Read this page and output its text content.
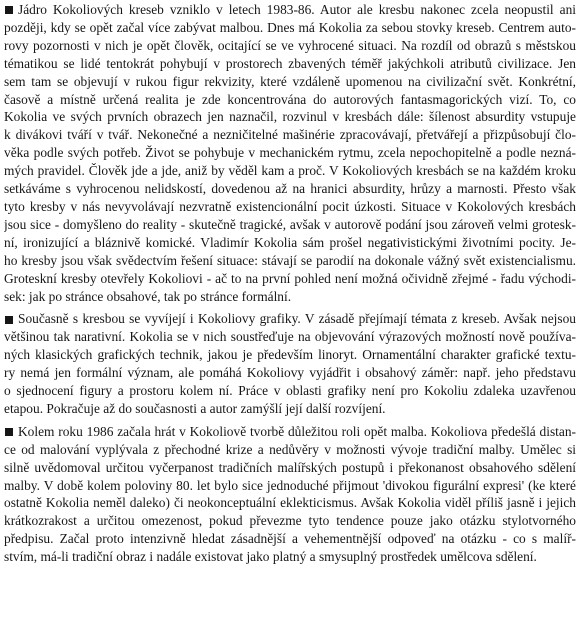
Jádro Kokoliových kreseb vzniklo v letech 1983-86. Autor ale kresbu nakonec zcela neopustil ani
později, kdy se opět začal více zabývat malbou. Dnes má Kokolia za sebou stovky kreseb. Centrem auto-
rovy pozornosti v nich je opět člověk, ocitající se ve vyhrocené situaci. Na rozdíl od obrazů s městskou
tématikou se lidé tentokrát pohybují v prostorech zbavených téměř jakýchkoli atributů civilizace. Jen
sem tam se objevují v rukou figur rekvizity, které vzdáleně upomenou na civilizační svět. Konkrétní,
časově a místně určená realita je zde koncentrována do autorových fantasmagorických vizí. To, co
Kokolia ve svých prvních obrazech jen naznačil, rozvinul v kresbách dále: šílenost absurdity vstupuje
k divákovi tváří v tvář. Nekonečné a nezničitelné mašinérie zpracovávají, přetvářejí a přizpůsobují člo-
věka podle svých potřeb. Život se pohybuje v mechanickém rytmu, zcela nepochopitelně a podle nezná-
mých pravidel. Člověk jde a jde, aniž by věděl kam a proč. V Kokoliových kresbách se na každém kroku
setkáváme s vyhrocenou nelidskostí, dovedenou až na hranici absurdity, hrůzy a marnosti. Přesto však
tyto kresby v nás nevyvolávají nezvratně existencionální pocit úzkosti. Situace v Kokolových kresbách
jsou sice - domyšleno do reality - skutečně tragické, avšak v autorově podání jsou zároveň velmi grotesk-
ní, ironizující a bláznivě komické. Vladimír Kokolia sám prošel negativistickými životními pocity. Je-
ho kresby jsou však svědectvím řešení situace: stávají se parodií na dokonale vážný svět existencialismu.
Groteskní kresby otevřely Kokoliovi - ač to na první pohled není možná očividně zřejmé - řadu východi-
sek: jak po stránce obsahové, tak po stránce formální.

Současně s kresbou se vyvíjejí i Kokoliovy grafiky. V zásadě přejímají témata z kreseb. Avšak nejsou
většinou tak narativní. Kokolia se v nich soustřeďuje na objevování výrazových možností nově používa-
ných klasických grafických technik, jakou je především linoryt. Ornamentální charakter grafické textu-
ry nemá jen formální význam, ale pomáhá Kokoliovy vyjádřit i obsahový záměr: např. jeho představu
o sjednocení figury a prostoru kolem ní. Práce v oblasti grafiky není pro Kokoliu zdaleka uzavřenou
etapou. Pokračuje až do současnosti a autor zamýšlí její další rozvíjení.

Kolem roku 1986 začala hrát v Kokoliově tvorbě důležitou roli opět malba. Kokoliova předešlá distan-
ce od malování vyplývala z přechodné krize a nedůvěry v možnosti vývoje tradiční malby. Umělec si
silně uvědomoval určitou vyčerpanost tradičních malířských postupů i překonanost obsahového sdělení
malby. V době kolem poloviny 80. let bylo sice jednoduché přijmout 'divokou figurální expresi' (ke které
ostatně Kokolia neměl daleko) či neokonceptuální eklekticismus. Avšak Kokolia viděl příliš jasně i jejich
krátkozrakost a určitou omezenost, pokud převezme tyto tendence pouze jako otázku stylotvorného
předpisu. Začal proto intenzivně hledat zásadnější a vehementnější odpoveď na otázku - co s malíř-
stvím, má-li tradiční obraz i nadále existovat jako platný a smysuplný prostředek umělcova sdělení.
